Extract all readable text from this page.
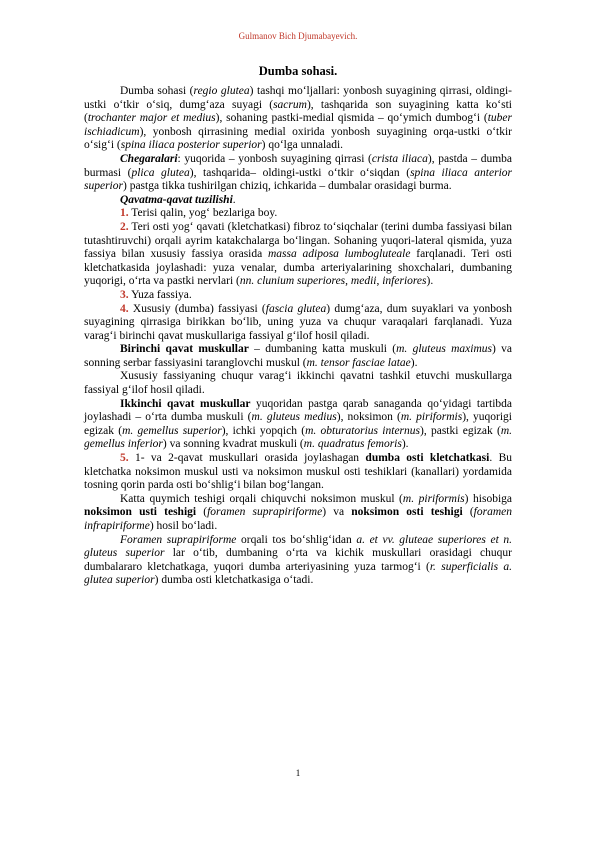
Gulmanov Bich Djumabayevich.
Dumba sohasi.

Dumba sohasi (regio glutea) tashqi mo‘ljallari: yonbosh suyagining qirrasi, oldingi-ustki o‘tkir o‘siq, dumg‘aza suyagi (sacrum), tashqarida son suyagining katta ko‘sti (trochanter major et medius), sohaning pastki-medial qismida – qo‘ymich dumbog‘i (tuber ischiadicum), yonbosh qirrasining medial oxirida yonbosh suyagining orqa-ustki o‘tkir o‘sig‘i (spina iliaca posterior superior) qo‘lga unnaladi.

Chegaralari: yuqorida – yonbosh suyagining qirrasi (crista iliaca), pastda – dumba burmasi (plica glutea), tashqarida– oldingi-ustki o‘tkir o‘siqdan (spina iliaca anterior superior) pastga tikka tushirilgan chiziq, ichkarida – dumbalar orasidagi burma.

Qavatma-qavat tuzilishi.

1. Terisi qalin, yog‘ bezlariga boy.

2. Teri osti yog‘ qavati (kletchatkasi) fibroz to‘siqchalar (terini dumba fassiyasi bilan tutashtiruvchi) orqali ayrim katakchalarga bo‘lingan. Sohaning yuqori-lateral qismida, yuza fassiya bilan xususiy fassiya orasida massa adiposa lumbogluteale farqlanadi. Teri osti kletchatkasida joylashadi: yuza venalar, dumba arteriyalarining shoxchalari, dumbaning yuqorigi, o‘rta va pastki nervlari (nn. clunium superiores, medii, inferiores).

3. Yuza fassiya.

4. Xususiy (dumba) fassiyasi (fascia glutea) dumg‘aza, dum suyaklari va yonbosh suyagining qirrasiga birikkan bo‘lib, uning yuza va chuqur varaqalari farqlanadi. Yuza varag‘i birinchi qavat muskullariga fassiyal g‘ilof hosil qiladi.

Birinchi qavat muskullar – dumbaning katta muskuli (m. gluteus maximus) va sonning serbar fassiyasini taranglovchi muskul (m. tensor fasciae latae).

Xususiy fassiyaning chuqur varag‘i ikkinchi qavatni tashkil etuvchi muskullarga fassiyal g‘ilof hosil qiladi.

Ikkinchi qavat muskullar yuqoridan pastga qarab sanaganda qo‘yidagi tartibda joylashadi – o‘rta dumba muskuli (m. gluteus medius), noksimon (m. piriformis), yuqorigi egizak (m. gemellus superior), ichki yopqich (m. obturatorius internus), pastki egizak (m. gemellus inferior) va sonning kvadrat muskuli (m. quadratus femoris).

5. 1- va 2-qavat muskullari orasida joylashagan dumba osti kletchatkasi. Bu kletchatka noksimon muskul usti va noksimon muskul osti teshiklari (kanallari) yordamida tosning qorin parda osti bo‘shlig‘i bilan bog‘langan.

Katta quymich teshigi orqali chiquvchi noksimon muskul (m. piriformis) hisobiga noksimon usti teshigi (foramen suprapiriforme) va noksimon osti teshigi (foramen infrapiriforme) hosil bo‘ladi.

Foramen suprapiriforme orqali tos bo‘shlig‘idan a. et vv. gluteae superiores et n. gluteus superior lar o‘tib, dumbaning o‘rta va kichik muskullari orasidagi chuqur dumbalararo kletchatkaga, yuqori dumba arteriyasining yuza tarmog‘i (r. superficialis a. glutea superior) dumba osti kletchatkasiga o‘tadi.

1
